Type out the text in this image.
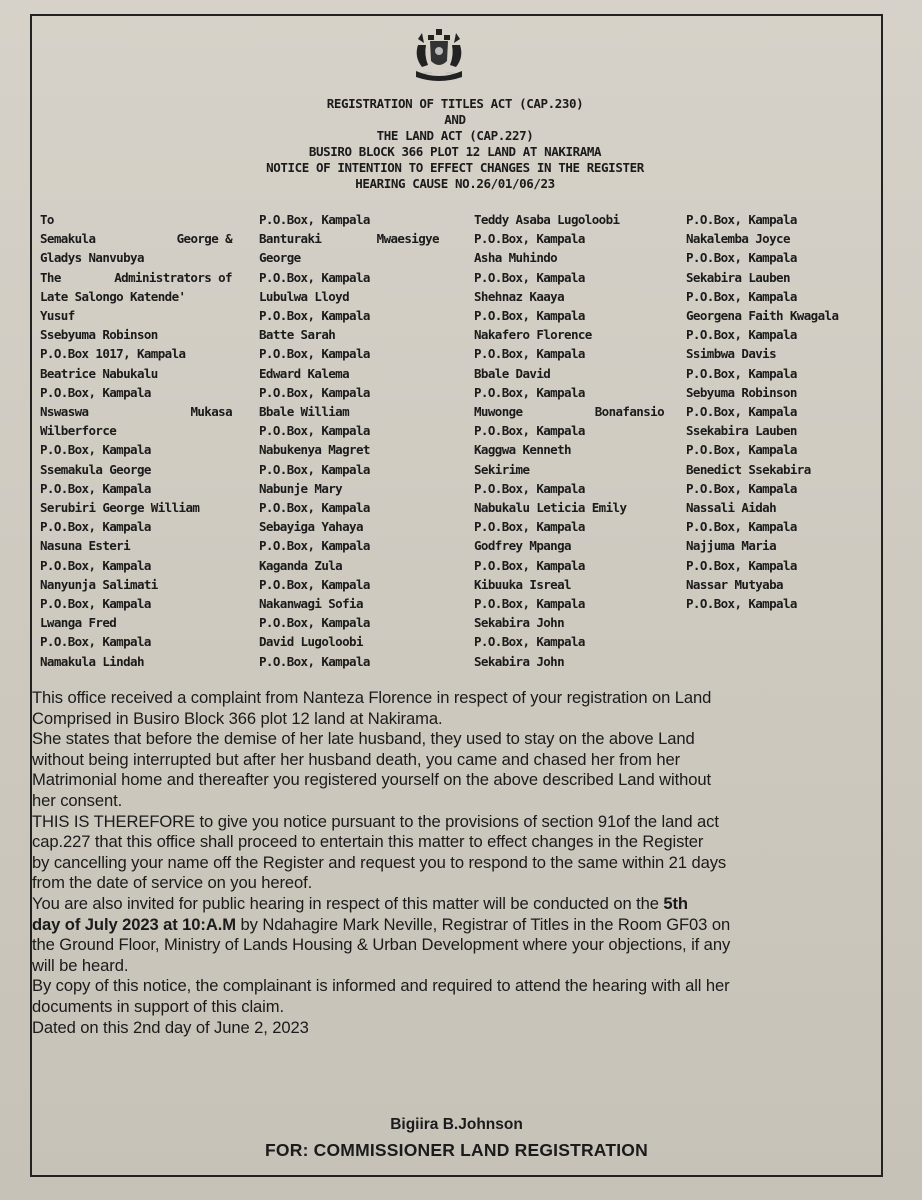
REGISTRATION OF TITLES ACT (CAP.230)
AND
THE LAND ACT (CAP.227)
BUSIRO BLOCK 366 PLOT 12 LAND AT NAKIRAMA
NOTICE OF INTENTION TO EFFECT CHANGES IN THE REGISTER
HEARING CAUSE NO.26/01/06/23
To
Semakula	George &
Gladys Nanvubya
The	Administrators of
Late Salongo Katende'
Yusuf
Ssebyuma Robinson
P.O.Box 1017, Kampala
Beatrice Nabukalu
P.O.Box, Kampala
Nswaswa	Mukasa
Wilberforce
P.O.Box, Kampala
Ssemakula George
P.O.Box, Kampala
Serubiri George William
P.O.Box, Kampala
Nasuna Esteri
P.O.Box, Kampala
Nanyunja Salimati
P.O.Box, Kampala
Lwanga Fred
P.O.Box, Kampala
Namakula Lindah
P.O.Box, Kampala
Banturaki	Mwaesigye
George
P.O.Box, Kampala
Lubulwa Lloyd
P.O.Box, Kampala
Batte Sarah
P.O.Box, Kampala
Edward Kalema
P.O.Box, Kampala
Bbale William
P.O.Box, Kampala
Nabukenya Magret
P.O.Box, Kampala
Nabunje Mary
P.O.Box, Kampala
Sebayiga Yahaya
P.O.Box, Kampala
Kaganda Zula
P.O.Box, Kampala
Nakanwagi Sofia
P.O.Box, Kampala
David Lugoloobi
P.O.Box, Kampala
Teddy Asaba Lugoloobi
P.O.Box, Kampala
Asha Muhindo
P.O.Box, Kampala
Shehnaz Kaaya
P.O.Box, Kampala
Nakafero Florence
P.O.Box, Kampala
Bbale David
P.O.Box, Kampala
Muwonge	Bonafansio
P.O.Box, Kampala
Kaggwa Kenneth
Sekirime
P.O.Box, Kampala
Nabukalu Leticia Emily
P.O.Box, Kampala
Godfrey Mpanga
P.O.Box, Kampala
Kibuuka Isreal
P.O.Box, Kampala
Sekabira John
P.O.Box, Kampala
Sekabira John
P.O.Box, Kampala
Nakalemba Joyce
P.O.Box, Kampala
Sekabira Lauben
P.O.Box, Kampala
Georgena Faith Kwagala
P.O.Box, Kampala
Ssimbwa Davis
P.O.Box, Kampala
Sebyuma Robinson
P.O.Box, Kampala
Ssekabira Lauben
P.O.Box, Kampala
Benedict Ssekabira
P.O.Box, Kampala
Nassali Aidah
P.O.Box, Kampala
Najjuma Maria
P.O.Box, Kampala
Nassar Mutyaba
P.O.Box, Kampala

This office received a complaint from Nanteza Florence in respect of your registration on Land

Comprised in Busiro Block 366 plot 12 land at Nakirama.

She states that before the demise of her late husband, they used to stay on the above Land

without being interrupted but after her husband death, you came and chased her from her

Matrimonial home and thereafter you registered yourself on the above described Land without

her consent.

THIS IS THEREFORE to give you notice pursuant to the provisions of section 91of the land act

cap.227 that this office shall proceed to entertain this matter to effect changes in the Register

by cancelling your name off the Register and request you to respond to the same within 21 days

from the date of service on you hereof.

You are also invited for public hearing in respect of this matter will be conducted on the 5th

day of July 2023 at 10:A.M by Ndahagire Mark Neville, Registrar of Titles in the Room GF03 on

the Ground Floor, Ministry of Lands Housing & Urban Development where your objections, if any

will be heard.

By copy of this notice, the complainant is informed and required to attend the hearing with all her

documents in support of this claim.

Dated on this 2nd day of June 2, 2023

Bigiira B.Johnson
FOR: COMMISSIONER LAND REGISTRATION
